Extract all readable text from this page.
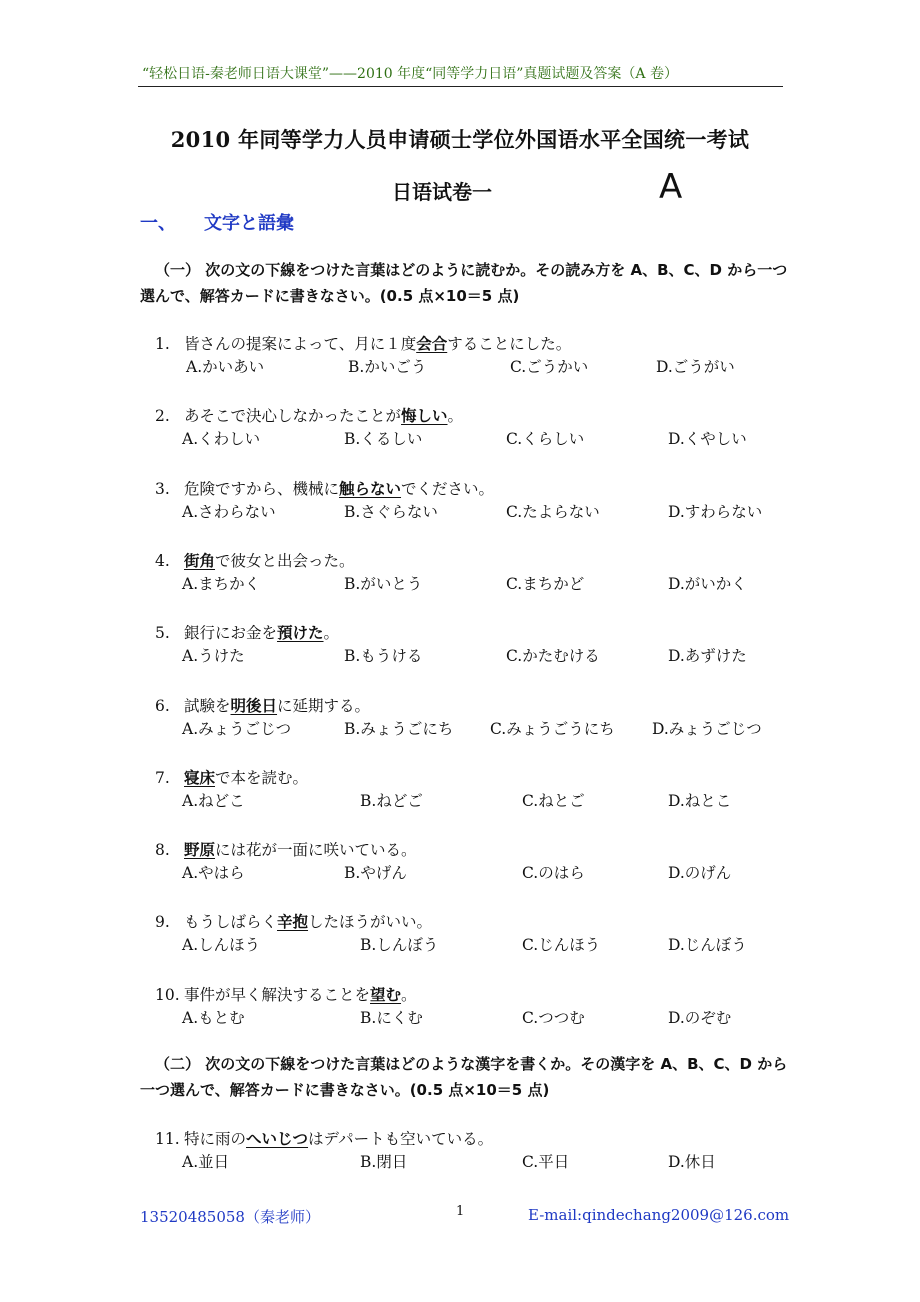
“轻松日语-秦老师日语大课堂”——2010 年度“同等学力日语”真题试题及答案（A 卷）
2010 年同等学力人员申请硕士学位外国语水平全国统一考试
日语试卷一	A
一、 文字と語彙
（一） 次の文の下線をつけた言葉はどのように読むか。その読み方を A、B、C、D から一つ選んで、解答カードに書きなさい。(0.5 点×10＝5 点)
1. 皆さんの提案によって、月に１度会合することにした。
A.かいあい	B.かいごう	C.ごうかい	D.ごうがい
2. あそこで決心しなかったことが悔しい。
A.くわしい	B.くるしい	C.くらしい	D.くやしい
3. 危険ですから、機械に触らないでください。
A.さわらない	B.さぐらない	C.たよらない	D.すわらない
4. 街角で彼女と出会った。
A.まちかく	B.がいとう	C.まちかど	D.がいかく
5. 銀行にお金を預けた。
A.うけた	B.もうける	C.かたむける	D.あずけた
6. 試験を明後日に延期する。
A.みょうごじつ	B.みょうごにち C.みょうごうにち D.みょうごじつ
7. 寝床で本を読む。
A.ねどこ	B.ねどご	C.ねとご	D.ねとこ
8. 野原には花が一面に咲いている。
A.やはら	B.やげん	C.のはら	D.のげん
9. もうしばらく辛抱したほうがいい。
A.しんほう	B.しんぼう	C.じんほう	D.じんぼう
10. 事件が早く解決することを望む。
A.もとむ	B.にくむ	C.つつむ	D.のぞむ
11. 特に雨のへいじつはデパートも空いている。
A.並日	B.閉日	C.平日	D.休日
（二） 次の文の下線をつけた言葉はどのような漢字を書くか。その漢字を A、B、C、D から一つ選んで、解答カードに書きなさい。(0.5 点×10＝5 点)
13520485058（秦老师）	1	E-mail:qindechang2009@126.com
